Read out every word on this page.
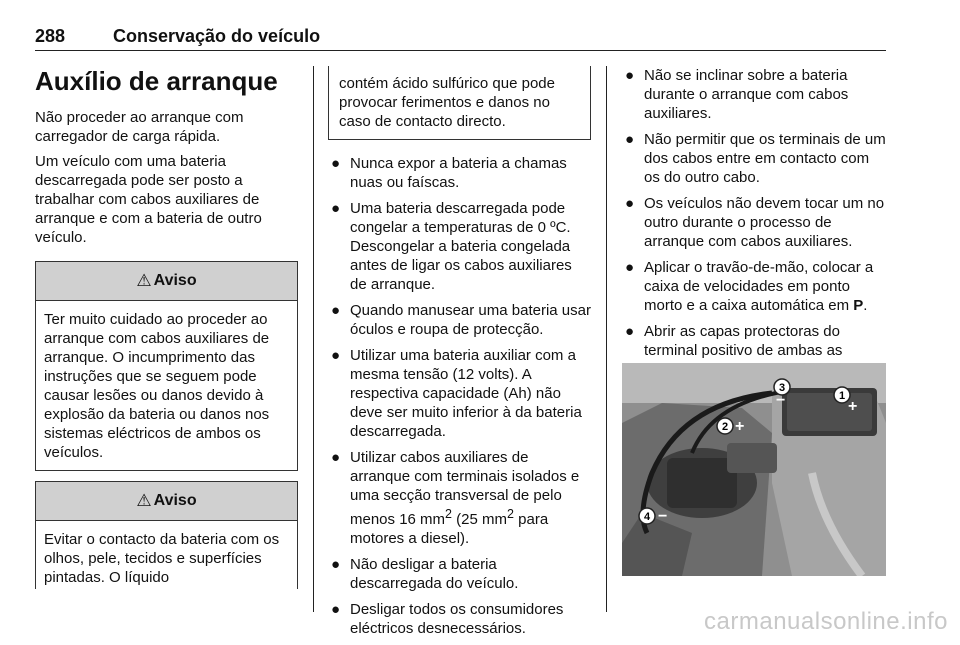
288	Conservação do veículo
Auxílio de arranque

Não proceder ao arranque com carregador de carga rápida.

Um veículo com uma bateria descarregada pode ser posto a trabalhar com cabos auxiliares de arranque e com a bateria de outro veículo.

⚠ Aviso
Ter muito cuidado ao proceder ao arranque com cabos auxiliares de arranque. O incumprimento das instruções que se seguem pode causar lesões ou danos devido à explosão da bateria ou danos nos sistemas eléctricos de ambos os veículos.
⚠ Aviso
Evitar o contacto da bateria com os olhos, pele, tecidos e superfícies pintadas. O líquido
contém ácido sulfúrico que pode provocar ferimentos e danos no caso de contacto directo.
● Nunca expor a bateria a chamas nuas ou faíscas.
● Uma bateria descarregada pode congelar a temperaturas de 0 ºC. Descongelar a bateria congelada antes de ligar os cabos auxiliares de arranque.
● Quando manusear uma bateria usar óculos e roupa de protecção.
● Utilizar uma bateria auxiliar com a mesma tensão (12 volts). A respectiva capacidade (Ah) não deve ser muito inferior à da bateria descarregada.
● Utilizar cabos auxiliares de arranque com terminais isolados e uma secção transversal de pelo menos 16 $mm^2$ (25 $mm^2$ para motores a diesel).
● Não desligar a bateria descarregada do veículo.
● Desligar todos os consumidores eléctricos desnecessários.
● Não se inclinar sobre a bateria durante o arranque com cabos auxiliares.
● Não permitir que os terminais de um dos cabos entre em contacto com os do outro cabo.
● Os veículos não devem tocar um no outro durante o processo de arranque com cabos auxiliares.
● Aplicar o travão-de-mão, colocar a caixa de velocidades em ponto morto e a caixa automática em P.
● Abrir as capas protectoras do terminal positivo de ambas as
1
+
2 +
3
−
4 −
carmanualsonline.info
